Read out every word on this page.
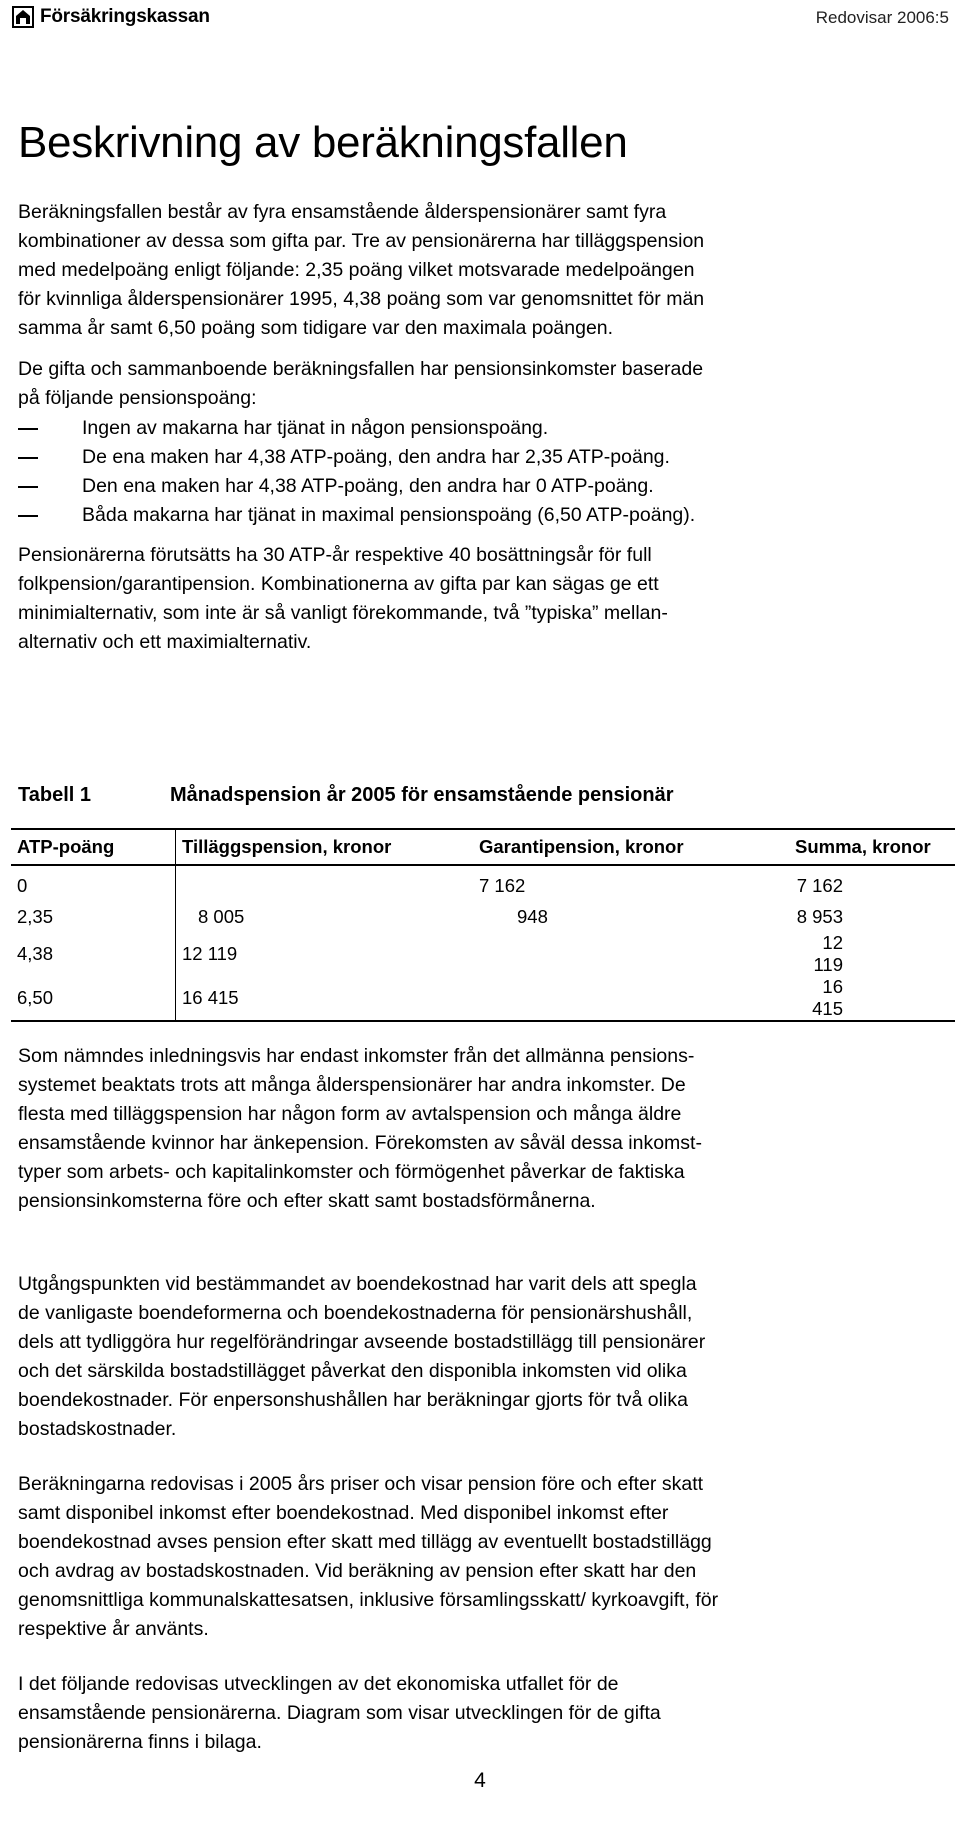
Försäkringskassan	Redovisar 2006:5
Beskrivning av beräkningsfallen

Beräkningsfallen består av fyra ensamstående ålderspensionärer samt fyra

kombinationer av dessa som gifta par. Tre av pensionärerna har tilläggspension

med medelpoäng enligt följande: 2,35 poäng vilket motsvarade medelpoängen

för kvinnliga ålderspensionärer 1995, 4,38 poäng som var genomsnittet för män

samma år samt 6,50 poäng som tidigare var den maximala poängen.

De gifta och sammanboende beräkningsfallen har pensionsinkomster baserade

på följande pensionspoäng:

Ingen av makarna har tjänat in någon pensionspoäng.
De ena maken har 4,38 ATP-poäng, den andra har 2,35 ATP-poäng.
Den ena maken har 4,38 ATP-poäng, den andra har 0 ATP-poäng.
Båda makarna har tjänat in maximal pensionspoäng (6,50 ATP-poäng).

Pensionärerna förutsätts ha 30 ATP-år respektive 40 bosättningsår för full

folkpension/garantipension. Kombinationerna av gifta par kan sägas ge ett

minimialternativ, som inte är så vanligt förekommande, två ”typiska” mellan-

alternativ och ett maximialternativ.

Tabell 1	Månadspension år 2005 för ensamstående pensionär
ATP-poäng	Tilläggspension, kronor	Garantipension, kronor	Summa, kronor
0		7 162	7 162
2,35	8 005	948	8 953
4,38	12 119		12 119
6,50	16 415		16 415

Som nämndes inledningsvis har endast inkomster från det allmänna pensions-

systemet beaktats trots att många ålderspensionärer har andra inkomster. De

flesta med tilläggspension har någon form av avtalspension och många äldre

ensamstående kvinnor har änkepension. Förekomsten av såväl dessa inkomst-

typer som arbets- och kapitalinkomster och förmögenhet påverkar de faktiska

pensionsinkomsterna före och efter skatt samt bostadsförmånerna.

Utgångspunkten vid bestämmandet av boendekostnad har varit dels att spegla

de vanligaste boendeformerna och boendekostnaderna för pensionärshushåll,

dels att tydliggöra hur regelförändringar avseende bostadstillägg till pensionärer

och det särskilda bostadstillägget påverkat den disponibla inkomsten vid olika

boendekostnader. För enpersonshushållen har beräkningar gjorts för två olika

bostadskostnader.

Beräkningarna redovisas i 2005 års priser och visar pension före och efter skatt

samt disponibel inkomst efter boendekostnad. Med disponibel inkomst efter

boendekostnad avses pension efter skatt med tillägg av eventuellt bostadstillägg

och avdrag av bostadskostnaden. Vid beräkning av pension efter skatt har den

genomsnittliga kommunalskattesatsen, inklusive församlingsskatt/ kyrkoavgift, för

respektive år använts.

I det följande redovisas utvecklingen av det ekonomiska utfallet för de

ensamstående pensionärerna. Diagram som visar utvecklingen för de gifta

pensionärerna finns i bilaga.

4
